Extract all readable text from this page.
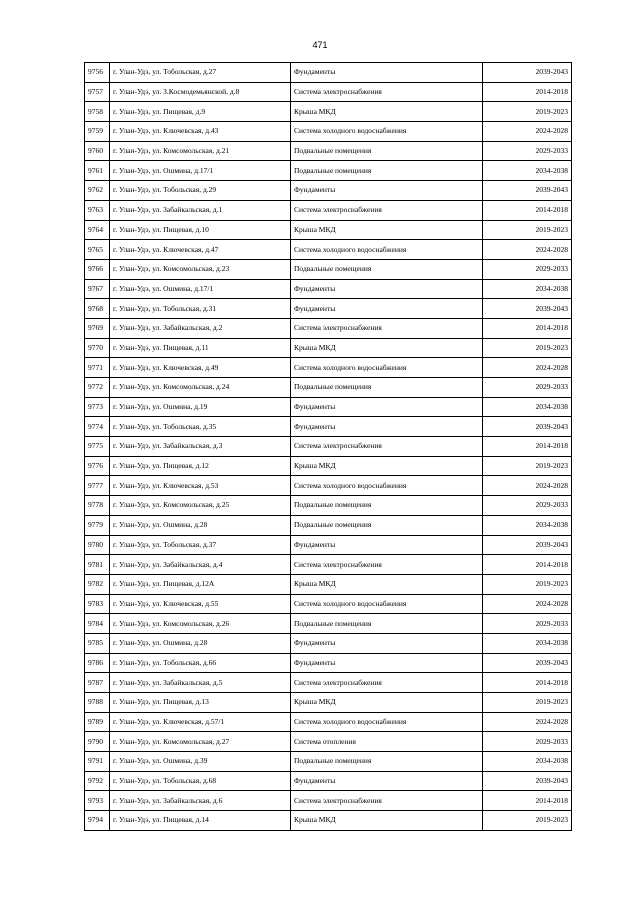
471
9756	г. Улан-Удэ, ул. Тобольская, д.27	Фундаменты	2039-2043
9757	г. Улан-Удэ, ул. З.Космодемьянской, д.8	Система электроснабжения	2014-2018
9758	г. Улан-Удэ, ул. Пищевая, д.9	Крыша МКД	2019-2023
9759	г. Улан-Удэ, ул. Ключевская, д.43	Система холодного водоснабжения	2024-2028
9760	г. Улан-Удэ, ул. Комсомольская, д.21	Подвальные помещения	2029-2033
9761	г. Улан-Удэ, ул. Ошмина, д.17/1	Подвальные помещения	2034-2038
9762	г. Улан-Удэ, ул. Тобольская, д.29	Фундаменты	2039-2043
9763	г. Улан-Удэ, ул. Забайкальская, д.1	Система электроснабжения	2014-2018
9764	г. Улан-Удэ, ул. Пищевая, д.10	Крыша МКД	2019-2023
9765	г. Улан-Удэ, ул. Ключевская, д.47	Система холодного водоснабжения	2024-2028
9766	г. Улан-Удэ, ул. Комсомольская, д.23	Подвальные помещения	2029-2033
9767	г. Улан-Удэ, ул. Ошмина, д.17/1	Фундаменты	2034-2038
9768	г. Улан-Удэ, ул. Тобольская, д.31	Фундаменты	2039-2043
9769	г. Улан-Удэ, ул. Забайкальская, д.2	Система электроснабжения	2014-2018
9770	г. Улан-Удэ, ул. Пищевая, д.11	Крыша МКД	2019-2023
9771	г. Улан-Удэ, ул. Ключевская, д.49	Система холодного водоснабжения	2024-2028
9772	г. Улан-Удэ, ул. Комсомольская, д.24	Подвальные помещения	2029-2033
9773	г. Улан-Удэ, ул. Ошмина, д.19	Фундаменты	2034-2038
9774	г. Улан-Удэ, ул. Тобольская, д.35	Фундаменты	2039-2043
9775	г. Улан-Удэ, ул. Забайкальская, д.3	Система электроснабжения	2014-2018
9776	г. Улан-Удэ, ул. Пищевая, д.12	Крыша МКД	2019-2023
9777	г. Улан-Удэ, ул. Ключевская, д.53	Система холодного водоснабжения	2024-2028
9778	г. Улан-Удэ, ул. Комсомольская, д.25	Подвальные помещения	2029-2033
9779	г. Улан-Удэ, ул. Ошмина, д.28	Подвальные помещения	2034-2038
9780	г. Улан-Удэ, ул. Тобольская, д.37	Фундаменты	2039-2043
9781	г. Улан-Удэ, ул. Забайкальская, д.4	Система электроснабжения	2014-2018
9782	г. Улан-Удэ, ул. Пищевая, д.12А	Крыша МКД	2019-2023
9783	г. Улан-Удэ, ул. Ключевская, д.55	Система холодного водоснабжения	2024-2028
9784	г. Улан-Удэ, ул. Комсомольская, д.26	Подвальные помещения	2029-2033
9785	г. Улан-Удэ, ул. Ошмина, д.28	Фундаменты	2034-2038
9786	г. Улан-Удэ, ул. Тобольская, д.66	Фундаменты	2039-2043
9787	г. Улан-Удэ, ул. Забайкальская, д.5	Система электроснабжения	2014-2018
9788	г. Улан-Удэ, ул. Пищевая, д.13	Крыша МКД	2019-2023
9789	г. Улан-Удэ, ул. Ключевская, д.57/1	Система холодного водоснабжения	2024-2028
9790	г. Улан-Удэ, ул. Комсомольская, д.27	Система отопления	2029-2033
9791	г. Улан-Удэ, ул. Ошмина, д.39	Подвальные помещения	2034-2038
9792	г. Улан-Удэ, ул. Тобольская, д.68	Фундаменты	2039-2043
9793	г. Улан-Удэ, ул. Забайкальская, д.6	Система электроснабжения	2014-2018
9794	г. Улан-Удэ, ул. Пищевая, д.14	Крыша МКД	2019-2023
